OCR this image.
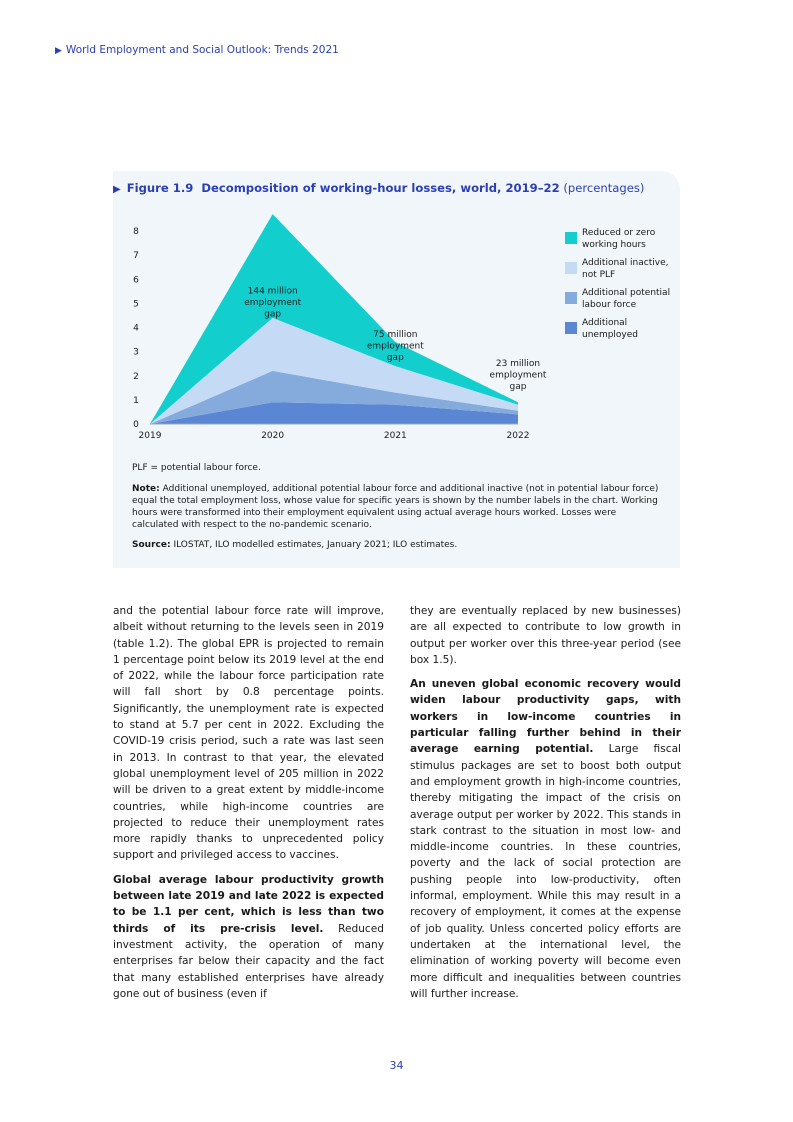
▶ World Employment and Social Outlook: Trends 2021
▶ Figure 1.9 Decomposition of working-hour losses, world, 2019–22 (percentages)
0
1
2
3
4
5
6
7
8
2019	2020	2021	2022
144 million
employment
gap
75 million
employment
gap
23 million
employment
gap
Reduced or zero working hours
Additional inactive, not PLF
Additional potential labour force
Additional unemployed
PLF = potential labour force.
Note: Additional unemployed, additional potential labour force and additional inactive (not in potential labour force) equal the total employment loss, whose value for specific years is shown by the number labels in the chart. Working hours were transformed into their employment equivalent using actual average hours worked. Losses were calculated with respect to the no-pandemic scenario.
Source: ILOSTAT, ILO modelled estimates, January 2021; ILO estimates.

and the potential labour force rate will improve, albeit without returning to the levels seen in 2019 (table 1.2). The global EPR is projected to remain 1 percentage point below its 2019 level at the end of 2022, while the labour force participation rate will fall short by 0.8 percentage points. Significantly, the unemployment rate is expected to stand at 5.7 per cent in 2022. Excluding the COVID-19 crisis period, such a rate was last seen in 2013. In contrast to that year, the elevated global unemployment level of 205 million in 2022 will be driven to a great extent by middle-income countries, while high-income countries are projected to reduce their unemployment rates more rapidly thanks to unprecedented policy support and privileged access to vaccines.

Global average labour productivity growth between late 2019 and late 2022 is expected to be 1.1 per cent, which is less than two thirds of its pre-crisis level. Reduced investment activity, the operation of many enterprises far below their capacity and the fact that many established enterprises have already gone out of business (even if

they are eventually replaced by new businesses) are all expected to contribute to low growth in output per worker over this three-year period (see box 1.5).

An uneven global economic recovery would widen labour productivity gaps, with workers in low-income countries in particular falling further behind in their average earning potential. Large fiscal stimulus packages are set to boost both output and employment growth in high-income countries, thereby mitigating the impact of the crisis on average output per worker by 2022. This stands in stark contrast to the situation in most low- and middle-income countries. In these countries, poverty and the lack of social protection are pushing people into low-productivity, often informal, employment. While this may result in a recovery of employment, it comes at the expense of job quality. Unless concerted policy efforts are undertaken at the international level, the elimination of working poverty will become even more difficult and inequalities between countries will further increase.

34
